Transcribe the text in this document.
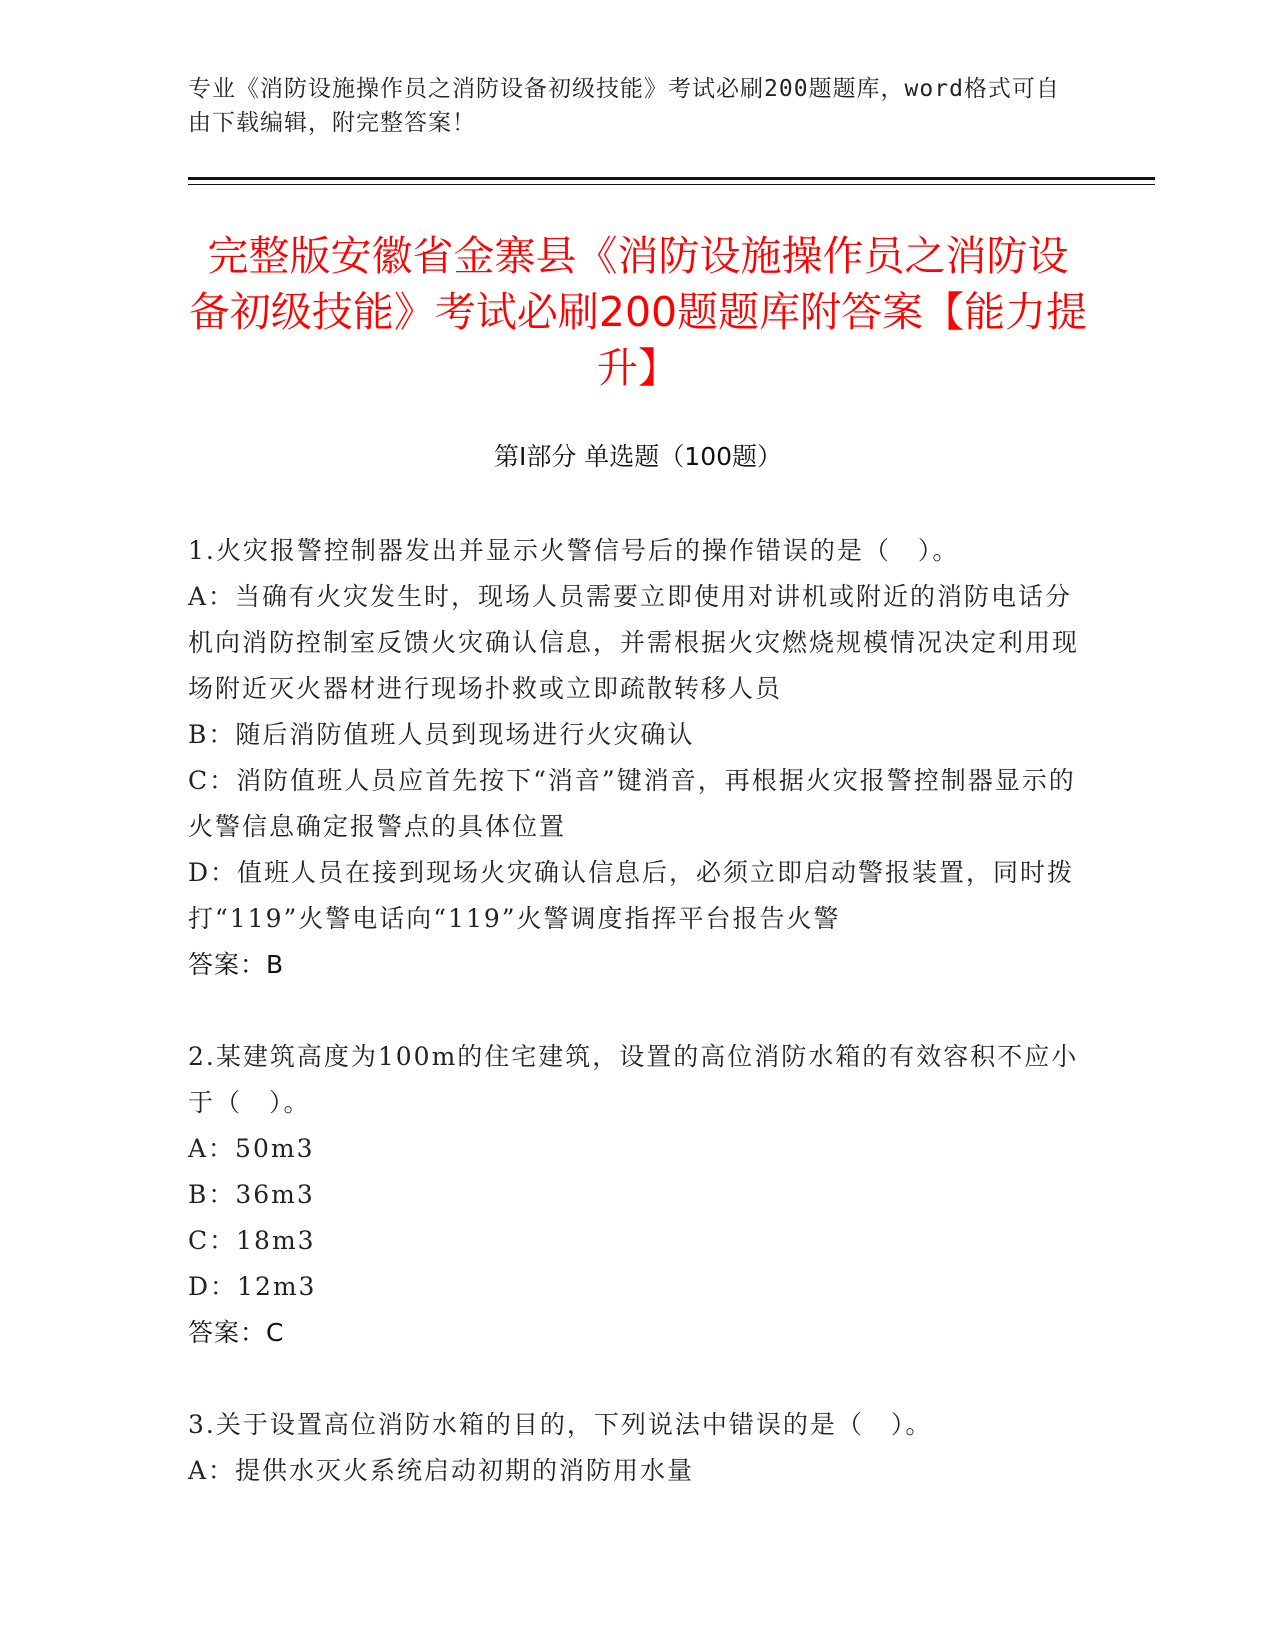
专业《消防设施操作员之消防设备初级技能》考试必刷200题题库，word格式可自由下载编辑，附完整答案！
完整版安徽省金寨县《消防设施操作员之消防设备初级技能》考试必刷200题题库附答案【能力提升】
第Ⅰ部分 单选题（100题）
1.火灾报警控制器发出并显示火警信号后的操作错误的是（　）。
A：当确有火灾发生时，现场人员需要立即使用对讲机或附近的消防电话分机向消防控制室反馈火灾确认信息，并需根据火灾燃烧规模情况决定利用现场附近灭火器材进行现场扑救或立即疏散转移人员
B：随后消防值班人员到现场进行火灾确认
C：消防值班人员应首先按下“消音”键消音，再根据火灾报警控制器显示的火警信息确定报警点的具体位置
D：值班人员在接到现场火灾确认信息后，必须立即启动警报装置，同时拨打“119”火警电话向“119”火警调度指挥平台报告火警
答案：B
2.某建筑高度为100m的住宅建筑，设置的高位消防水箱的有效容积不应小于（　）。
A：50m3
B：36m3
C：18m3
D：12m3
答案：C
3.关于设置高位消防水箱的目的，下列说法中错误的是（　）。
A：提供水灭火系统启动初期的消防用水量
